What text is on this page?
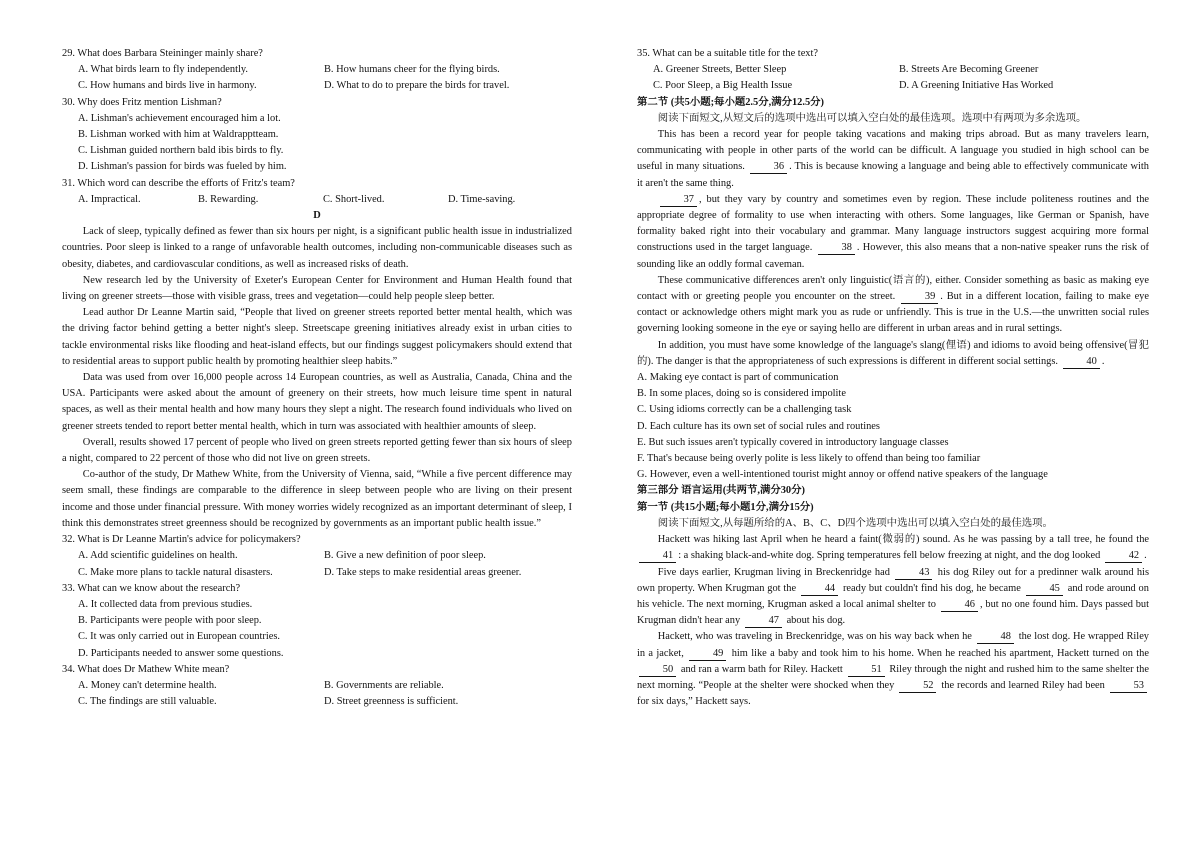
29. What does Barbara Steininger mainly share?

A. What birds learn to fly independently.	B. How humans cheer for the flying birds.
C. How humans and birds live in harmony.	D. What to do to prepare the birds for travel.

30. Why does Fritz mention Lishman?

A. Lishman's achievement encouraged him a lot.
B. Lishman worked with him at Waldrapptteam.
C. Lishman guided northern bald ibis birds to fly.
D. Lishman's passion for birds was fueled by him.

31. Which word can describe the efforts of Fritz's team?

A. Impractical.	B. Rewarding.	C. Short-lived.	D. Time-saving.

D

Lack of sleep, typically defined as fewer than six hours per night, is a significant public health issue in industrialized countries. Poor sleep is linked to a range of unfavorable health outcomes, including non-communicable diseases such as obesity, diabetes, and cardiovascular conditions, as well as increased risks of death.

New research led by the University of Exeter's European Center for Environment and Human Health found that living on greener streets—those with visible grass, trees and vegetation—could help people sleep better.

Lead author Dr Leanne Martin said, “People that lived on greener streets reported better mental health, which was the driving factor behind getting a better night's sleep. Streetscape greening initiatives already exist in urban cities to tackle environmental risks like flooding and heat-island effects, but our findings suggest policymakers should extend that to residential areas to support public health by promoting healthier sleep habits.”

Data was used from over 16,000 people across 14 European countries, as well as Australia, Canada, China and the USA. Participants were asked about the amount of greenery on their streets, how much leisure time spent in natural spaces, as well as their mental health and how many hours they slept a night. The research found individuals who lived on greener streets tended to report better mental health, which in turn was associated with healthier amounts of sleep.

Overall, results showed 17 percent of people who lived on green streets reported getting fewer than six hours of sleep a night, compared to 22 percent of those who did not live on green streets.

Co-author of the study, Dr Mathew White, from the University of Vienna, said, “While a five percent difference may seem small, these findings are comparable to the difference in sleep between people who are living on their present income and those under financial pressure. With money worries widely recognized as an important determinant of sleep, I think this demonstrates street greenness should be recognized by governments as an important public health issue.”

32. What is Dr Leanne Martin's advice for policymakers?

A. Add scientific guidelines on health.	B. Give a new definition of poor sleep.
C. Make more plans to tackle natural disasters.	D. Take steps to make residential areas greener.

33. What can we know about the research?

A. It collected data from previous studies.
B. Participants were people with poor sleep.
C. It was only carried out in European countries.
D. Participants needed to answer some questions.

34. What does Dr Mathew White mean?

A. Money can't determine health.	B. Governments are reliable.
C. The findings are still valuable.	D. Street greenness is sufficient.

35. What can be a suitable title for the text?

A. Greener Streets, Better Sleep	B. Streets Are Becoming Greener
C. Poor Sleep, a Big Health Issue	D. A Greening Initiative Has Worked

第二节 (共5小题;每小题2.5分,满分12.5分)

阅读下面短文,从短文后的选项中选出可以填入空白处的最佳选项。选项中有两项为多余选项。

This has been a record year for people taking vacations and making trips abroad. But as many travelers learn, communicating with people in other parts of the world can be difficult. A language you studied in high school can be useful in many situations.	36 . This is because knowing a language and being able to effectively communicate with it aren't the same thing.

37 , but they vary by country and sometimes even by region. These include politeness routines and the appropriate degree of formality to use when interacting with others. Some languages, like German or Spanish, have formality baked right into their vocabulary and grammar. Many language instructors suggest acquiring more formal constructions used in the target language.	38 . However, this also means that a non-native speaker runs the risk of sounding like an oddly formal caveman.

These communicative differences aren't only linguistic(语言的), either. Consider something as basic as making eye contact with or greeting people you encounter on the street.	39 . But in a different location, failing to make eye contact or acknowledge others might mark you as rude or unfriendly. This is true in the U.S.—the unwritten social rules governing looking someone in the eye or saying hello are different in urban areas and in rural settings.

In addition, you must have some knowledge of the language's slang(俚语) and idioms to avoid being offensive(冒犯的). The danger is that the appropriateness of such expressions is different in different social settings.	40 .

A. Making eye contact is part of communication

B. In some places, doing so is considered impolite

C. Using idioms correctly can be a challenging task

D. Each culture has its own set of social rules and routines

E. But such issues aren't typically covered in introductory language classes

F. That's because being overly polite is less likely to offend than being too familiar

G. However, even a well-intentioned tourist might annoy or offend native speakers of the language

第三部分 语言运用(共两节,满分30分)

第一节 (共15小题;每小题1分,满分15分)

阅读下面短文,从每题所给的A、B、C、D四个选项中选出可以填入空白处的最佳选项。

Hackett was hiking last April when he heard a faint(微弱的) sound. As he was passing by a tall tree, he found the 41 : a shaking black-and-white dog. Spring temperatures fell below freezing at night, and the dog looked	42 .

Five days earlier, Krugman living in Breckenridge had	43 his dog Riley out for a predinner walk around his own property. When Krugman got the	44 ready but couldn't find his dog, he became	45 and rode around on his vehicle. The next morning, Krugman asked a local animal shelter to	46 , but no one found him. Days passed but Krugman didn't hear any	47 about his dog.

Hackett, who was traveling in Breckenridge, was on his way back when he	48 the lost dog. He wrapped Riley in a jacket,	49 him like a baby and took him to his home. When he reached his apartment, Hackett turned on the 50 and ran a warm bath for Riley. Hackett	51 Riley through the night and rushed him to the same shelter the next morning. “People at the shelter were shocked when they	52 the records and learned Riley had been	53 for six days,” Hackett says.
